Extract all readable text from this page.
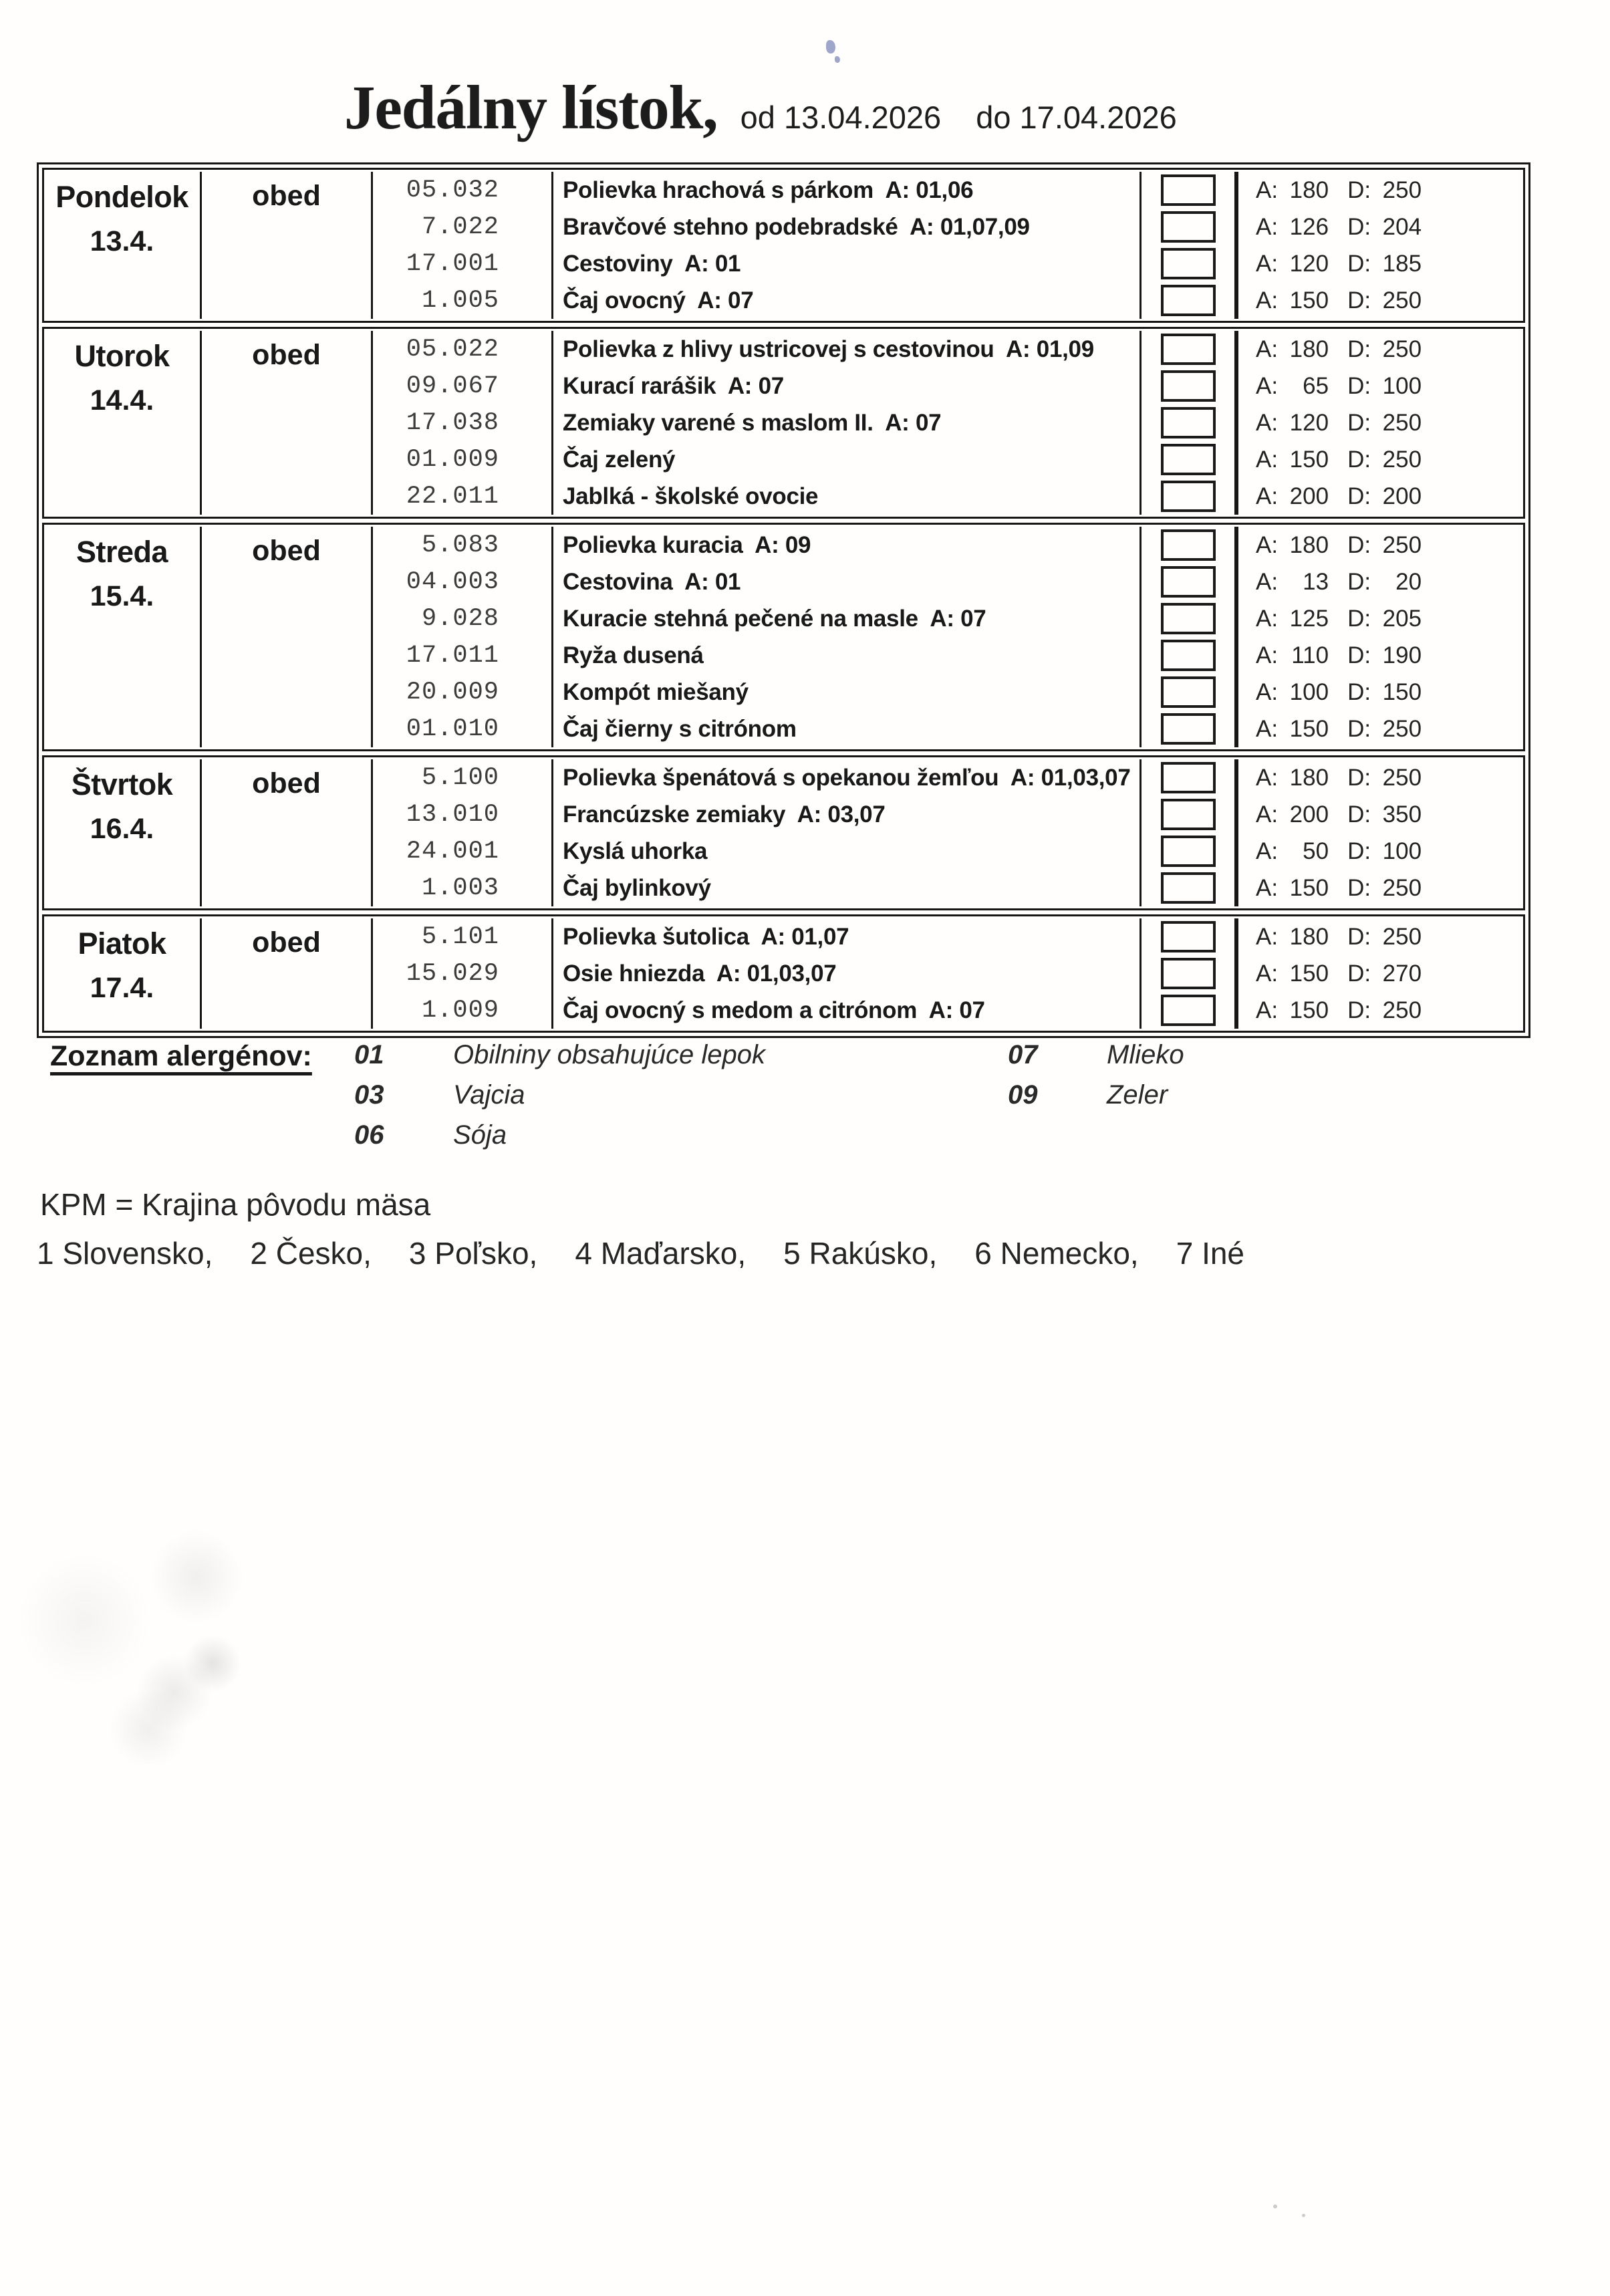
Jedálny lístok, od 13.04.2026 do 17.04.2026
Pondelok
13.4.
obed	05.032	Polievka hrachová s párkom  A: 01,06	A: 180 D: 250
7.022	Bravčové stehno podebradské  A: 01,07,09	A: 126 D: 204
17.001	Cestoviny  A: 01	A: 120 D: 185
1.005	Čaj ovocný  A: 07	A: 150 D: 250
Utorok
14.4.
obed	05.022	Polievka z hlivy ustricovej s cestovinou  A: 01,09	A: 180 D: 250
09.067	Kurací rarášik  A: 07	A:	65 D: 100
17.038	Zemiaky varené s maslom II.  A: 07	A: 120 D: 250
01.009	Čaj zelený	A: 150 D: 250
22.011	Jablká - školské ovocie	A: 200 D: 200
Streda
15.4.
obed	5.083	Polievka kuracia  A: 09	A: 180 D: 250
04.003	Cestovina  A: 01	A:	13 D:	20
9.028	Kuracie stehná pečené na masle  A: 07	A: 125 D: 205
17.011	Ryža dusená	A: 110 D: 190
20.009	Kompót miešaný	A: 100 D: 150
01.010	Čaj čierny s citrónom	A: 150 D: 250
Štvrtok
16.4.
obed	5.100	Polievka špenátová s opekanou žemľou  A: 01,03,07	A: 180 D: 250
13.010	Francúzske zemiaky  A: 03,07	A: 200 D: 350
24.001	Kyslá uhorka	A:	50 D: 100
1.003	Čaj bylinkový	A: 150 D: 250
Piatok
17.4.
obed	5.101	Polievka šutolica  A: 01,07	A: 180 D: 250
15.029	Osie hniezda  A: 01,03,07	A: 150 D: 270
1.009	Čaj ovocný s medom a citrónom  A: 07	A: 150 D: 250
Zoznam alergénov: 01	Obilniny obsahujúce lepok
03	Vajcia
06	Sója
07	Mlieko
09	Zeler
KPM = Krajina pôvodu mäsa
1 Slovensko, 2 Česko, 3 Poľsko, 4 Maďarsko, 5 Rakúsko, 6 Nemecko, 7 Iné
